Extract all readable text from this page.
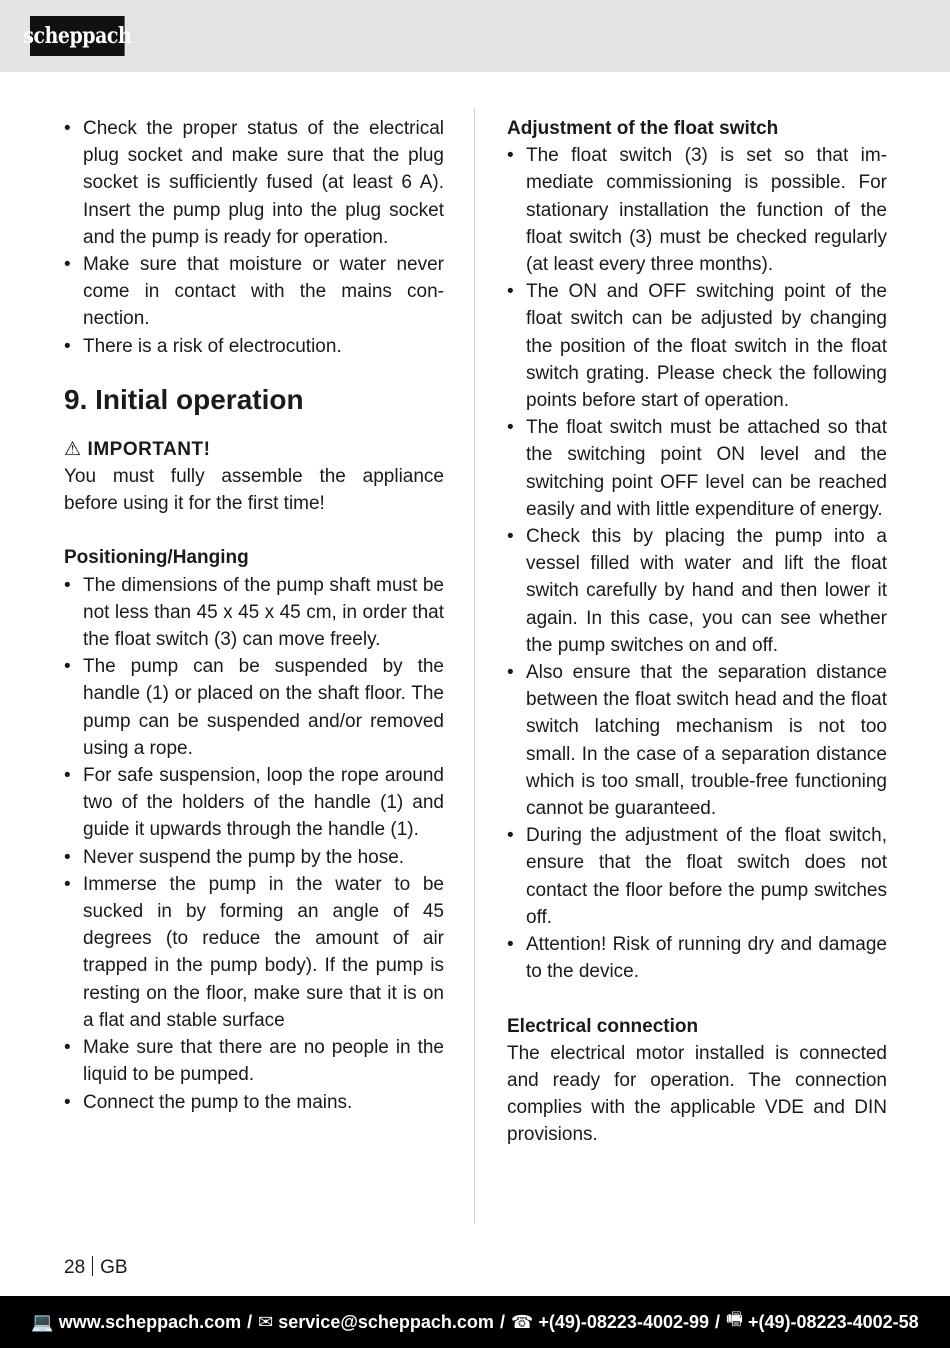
scheppach
• Check the proper status of the electrical plug socket and make sure that the plug socket is sufficiently fused (at least 6 A). Insert the pump plug into the plug socket and the pump is ready for operation.
• Make sure that moisture or water never come in contact with the mains connection.
• There is a risk of electrocution.
9. Initial operation
⚠ IMPORTANT!

You must fully assemble the appliance before using it for the first time!

Positioning/Hanging
• The dimensions of the pump shaft must be not less than 45 x 45 x 45 cm, in order that the float switch (3) can move freely.
• The pump can be suspended by the handle (1) or placed on the shaft floor. The pump can be suspended and/or removed using a rope.
• For safe suspension, loop the rope around two of the holders of the handle (1) and guide it upwards through the handle (1).
• Never suspend the pump by the hose.
• Immerse the pump in the water to be sucked in by forming an angle of 45 degrees (to reduce the amount of air trapped in the pump body). If the pump is resting on the floor, make sure that it is on a flat and stable surface
• Make sure that there are no people in the liquid to be pumped.
• Connect the pump to the mains.
Adjustment of the float switch
• The float switch (3) is set so that immediate commissioning is possible. For stationary installation the function of the float switch (3) must be checked regularly (at least every three months).
• The ON and OFF switching point of the float switch can be adjusted by changing the position of the float switch in the float switch grating. Please check the following points before start of operation.
• The float switch must be attached so that the switching point ON level and the switching point OFF level can be reached easily and with little expenditure of energy.
• Check this by placing the pump into a vessel filled with water and lift the float switch carefully by hand and then lower it again. In this case, you can see whether the pump switches on and off.
• Also ensure that the separation distance between the float switch head and the float switch latching mechanism is not too small. In the case of a separation distance which is too small, trouble-free functioning cannot be guaranteed.
• During the adjustment of the float switch, ensure that the float switch does not contact the floor before the pump switches off.
• Attention! Risk of running dry and damage to the device.
Electrical connection

The electrical motor installed is connected and ready for operation. The connection complies with the applicable VDE and DIN provisions.

28 GB
💻 www.scheppach.com / ✉ service@scheppach.com / ☎ +(49)-08223-4002-99 / 🖷 +(49)-08223-4002-58
